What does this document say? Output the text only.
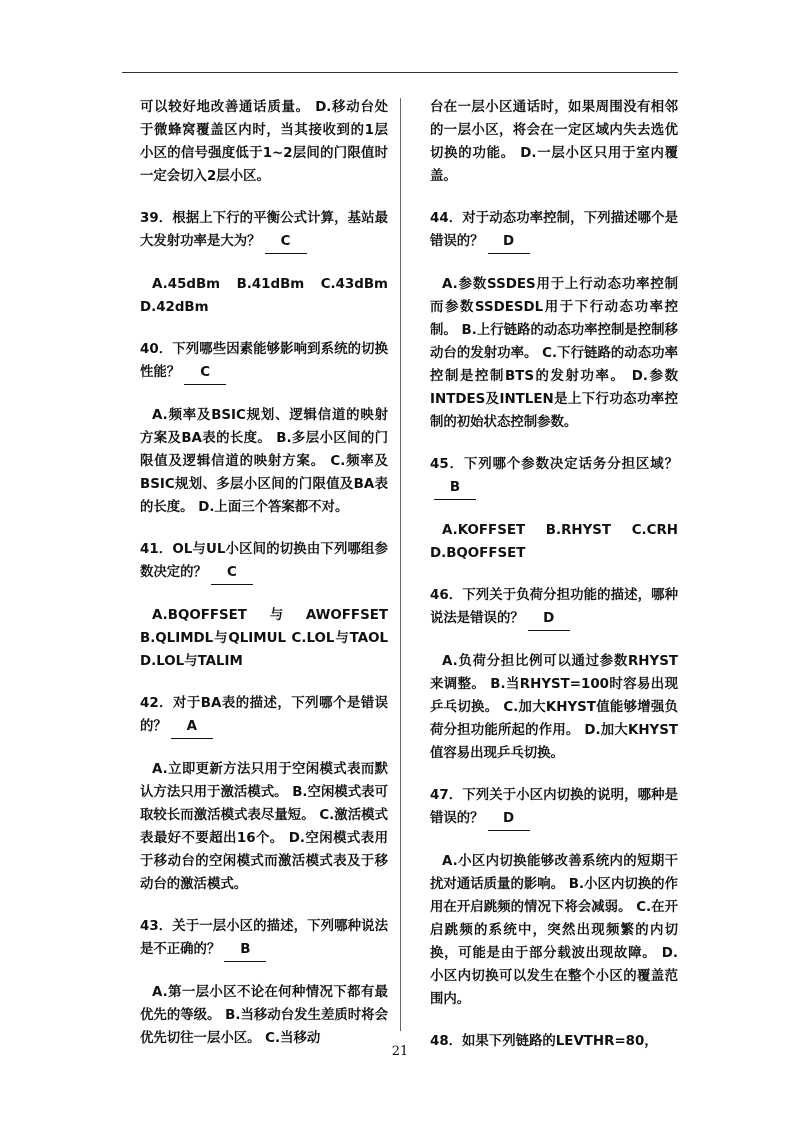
可以较好地改善通话质量。 D.移动台处于微蜂窝覆盖区内时，当其接收到的1层小区的信号强度低于1~2层间的门限值时一定会切入2层小区。

39．根据上下行的平衡公式计算，基站最大发射功率是大为？ C

A.45dBm B.41dBm C.43dBm D.42dBm

40．下列哪些因素能够影响到系统的切换性能？ C

A.频率及BSIC规划、逻辑信道的映射方案及BA表的长度。 B.多层小区间的门限值及逻辑信道的映射方案。 C.频率及BSIC规划、多层小区间的门限值及BA表的长度。 D.上面三个答案都不对。

41．OL与UL小区间的切换由下列哪组参数决定的？ C

A.BQOFFSET与AWOFFSET B.QLIMDL与QLIMUL C.LOL与TAOL D.LOL与TALIM

42．对于BA表的描述，下列哪个是错误的？ A

A.立即更新方法只用于空闲模式表而默认方法只用于激活模式。 B.空闲模式表可取较长而激活模式表尽量短。 C.激活模式表最好不要超出16个。 D.空闲模式表用于移动台的空闲模式而激活模式表及于移动台的激活模式。

43．关于一层小区的描述，下列哪种说法是不正确的？ B

A.第一层小区不论在何种情况下都有最优先的等级。 B.当移动台发生差质时将会优先切往一层小区。 C.当移动

台在一层小区通话时，如果周围没有相邻的一层小区，将会在一定区域内失去选优切换的功能。 D.一层小区只用于室内覆盖。

44．对于动态功率控制，下列描述哪个是错误的？ D

A.参数SSDES用于上行动态功率控制而参数SSDESDL用于下行动态功率控制。 B.上行链路的动态功率控制是控制移动台的发射功率。 C.下行链路的动态功率控制是控制BTS的发射功率。 D.参数INTDES及INTLEN是上下行功态功率控制的初始状态控制参数。

45．下列哪个参数决定话务分担区域？B

A.KOFFSET B.RHYST C.CRH D.BQOFFSET

46．下列关于负荷分担功能的描述，哪种说法是错误的？ D

A.负荷分担比例可以通过参数RHYST来调整。 B.当RHYST=100时容易出现乒乓切换。 C.加大KHYST值能够增强负荷分担功能所起的作用。 D.加大KHYST值容易出现乒乓切换。

47．下列关于小区内切换的说明，哪种是错误的？ D

A.小区内切换能够改善系统内的短期干扰对通话质量的影响。 B.小区内切换的作用在开启跳频的情况下将会减弱。 C.在开启跳频的系统中，突然出现频繁的内切换，可能是由于部分载波出现故障。 D.小区内切换可以发生在整个小区的覆盖范围内。

48．如果下列链路的LEVTHR=80，

21
